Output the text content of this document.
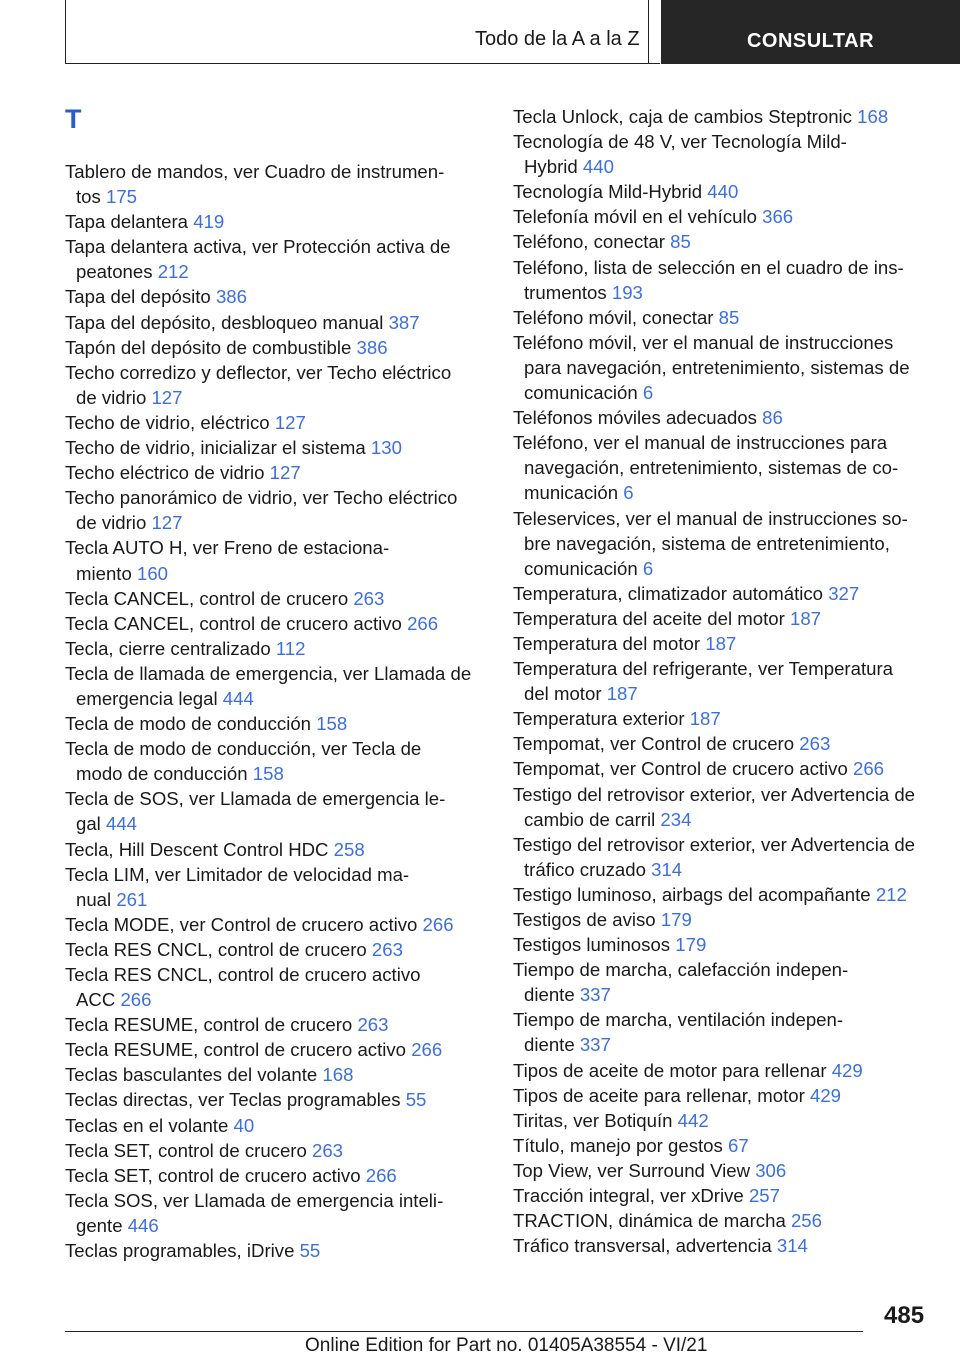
Todo de la A a la Z	CONSULTAR
T
Tablero de mandos, ver Cuadro de instrumen-
tos 175
Tapa delantera 419
Tapa delantera activa, ver Protección activa de
peatones 212
Tapa del depósito 386
Tapa del depósito, desbloqueo manual 387
Tapón del depósito de combustible 386
Techo corredizo y deflector, ver Techo eléctrico
de vidrio 127
Techo de vidrio, eléctrico 127
Techo de vidrio, inicializar el sistema 130
Techo eléctrico de vidrio 127
Techo panorámico de vidrio, ver Techo eléctrico
de vidrio 127
Tecla AUTO H, ver Freno de estaciona-
miento 160
Tecla CANCEL, control de crucero 263
Tecla CANCEL, control de crucero activo 266
Tecla, cierre centralizado 112
Tecla de llamada de emergencia, ver Llamada de
emergencia legal 444
Tecla de modo de conducción 158
Tecla de modo de conducción, ver Tecla de
modo de conducción 158
Tecla de SOS, ver Llamada de emergencia le-
gal 444
Tecla, Hill Descent Control HDC 258
Tecla LIM, ver Limitador de velocidad ma-
nual 261
Tecla MODE, ver Control de crucero activo 266
Tecla RES CNCL, control de crucero 263
Tecla RES CNCL, control de crucero activo
ACC 266
Tecla RESUME, control de crucero 263
Tecla RESUME, control de crucero activo 266
Teclas basculantes del volante 168
Teclas directas, ver Teclas programables 55
Teclas en el volante 40
Tecla SET, control de crucero 263
Tecla SET, control de crucero activo 266
Tecla SOS, ver Llamada de emergencia inteli-
gente 446
Teclas programables, iDrive 55
Tecla Unlock, caja de cambios Steptronic 168
Tecnología de 48 V, ver Tecnología Mild-
Hybrid 440
Tecnología Mild-Hybrid 440
Telefonía móvil en el vehículo 366
Teléfono, conectar 85
Teléfono, lista de selección en el cuadro de ins-
trumentos 193
Teléfono móvil, conectar 85
Teléfono móvil, ver el manual de instrucciones
para navegación, entretenimiento, sistemas de
comunicación 6
Teléfonos móviles adecuados 86
Teléfono, ver el manual de instrucciones para
navegación, entretenimiento, sistemas de co-
municación 6
Teleservices, ver el manual de instrucciones so-
bre navegación, sistema de entretenimiento,
comunicación 6
Temperatura, climatizador automático 327
Temperatura del aceite del motor 187
Temperatura del motor 187
Temperatura del refrigerante, ver Temperatura
del motor 187
Temperatura exterior 187
Tempomat, ver Control de crucero 263
Tempomat, ver Control de crucero activo 266
Testigo del retrovisor exterior, ver Advertencia de
cambio de carril 234
Testigo del retrovisor exterior, ver Advertencia de
tráfico cruzado 314
Testigo luminoso, airbags del acompañante 212
Testigos de aviso 179
Testigos luminosos 179
Tiempo de marcha, calefacción indepen-
diente 337
Tiempo de marcha, ventilación indepen-
diente 337
Tipos de aceite de motor para rellenar 429
Tipos de aceite para rellenar, motor 429
Tiritas, ver Botiquín 442
Título, manejo por gestos 67
Top View, ver Surround View 306
Tracción integral, ver xDrive 257
TRACTION, dinámica de marcha 256
Tráfico transversal, advertencia 314
485
Online Edition for Part no. 01405A38554 - VI/21
